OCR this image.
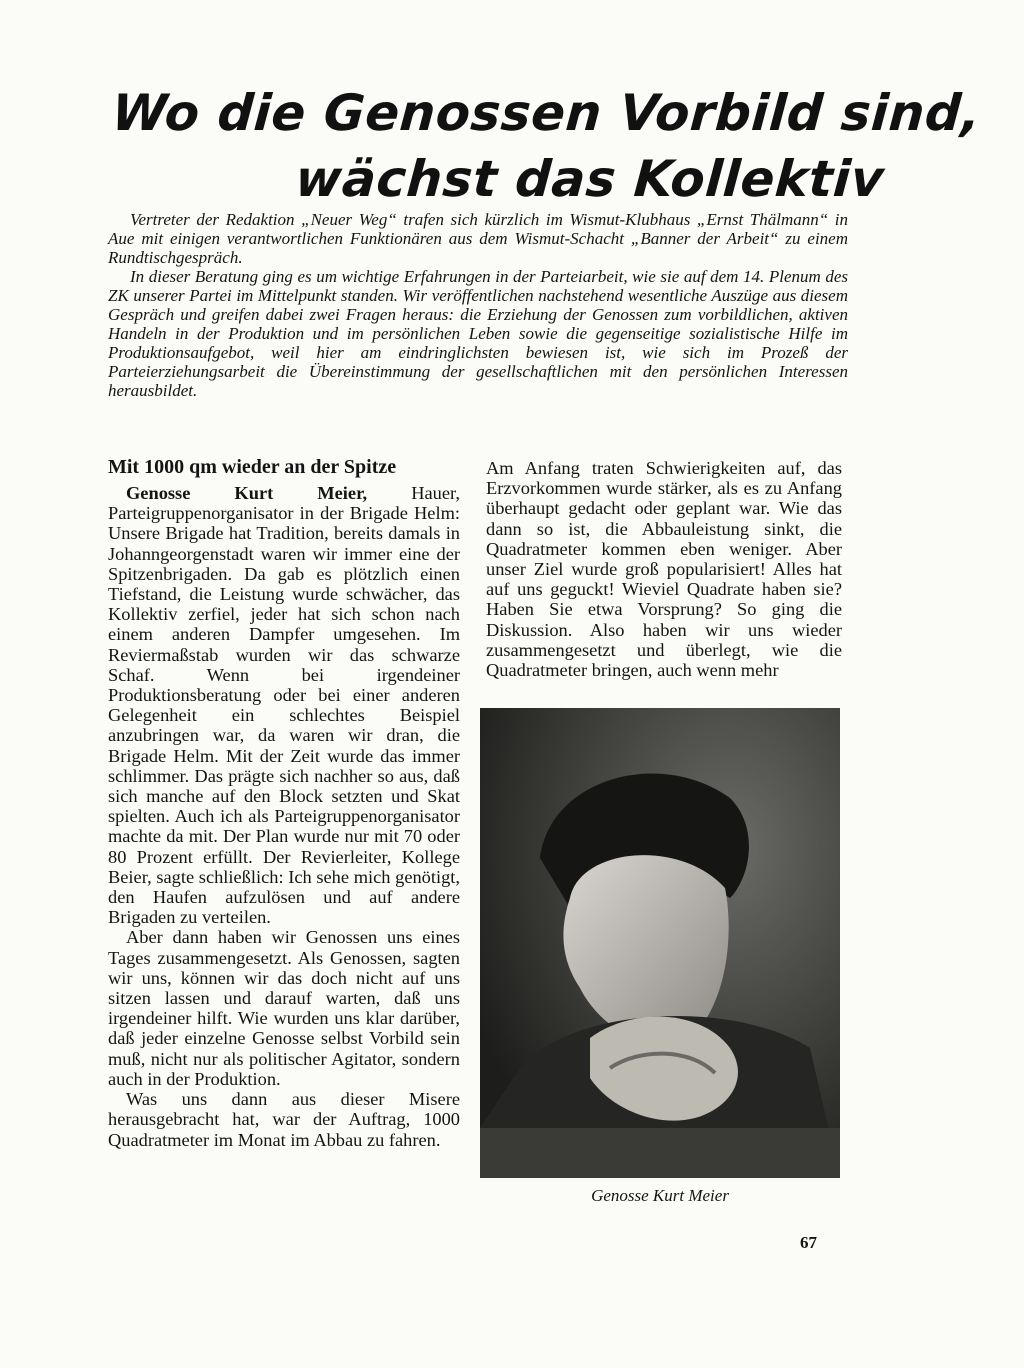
Wo die Genossen Vorbild sind,
wächst das Kollektiv

Vertreter der Redaktion „Neuer Weg“ trafen sich kürzlich im Wismut-Klubhaus „Ernst Thälmann“ in Aue mit einigen verantwortlichen Funktionären aus dem Wismut-Schacht „Banner der Arbeit“ zu einem Rundtischgespräch.

In dieser Beratung ging es um wichtige Erfahrungen in der Parteiarbeit, wie sie auf dem 14. Plenum des ZK unserer Partei im Mittelpunkt standen. Wir veröffentlichen nachstehend wesentliche Auszüge aus diesem Gespräch und greifen dabei zwei Fragen heraus: die Erziehung der Genossen zum vorbildlichen, aktiven Handeln in der Produktion und im persönlichen Leben sowie die gegenseitige sozialistische Hilfe im Produktionsaufgebot, weil hier am eindringlichsten bewiesen ist, wie sich im Prozeß der Parteierziehungsarbeit die Übereinstimmung der gesellschaftlichen mit den persönlichen Interessen herausbildet.

Mit 1000 qm wieder an der Spitze

Genosse Kurt Meier, Hauer, Parteigruppenorganisator in der Brigade Helm: Unsere Brigade hat Tradition, bereits damals in Johanngeorgenstadt waren wir immer eine der Spitzenbrigaden. Da gab es plötzlich einen Tiefstand, die Leistung wurde schwächer, das Kollektiv zerfiel, jeder hat sich schon nach einem anderen Dampfer umgesehen. Im Reviermaßstab wurden wir das schwarze Schaf. Wenn bei irgendeiner Produktionsberatung oder bei einer anderen Gelegenheit ein schlechtes Beispiel anzubringen war, da waren wir dran, die Brigade Helm. Mit der Zeit wurde das immer schlimmer. Das prägte sich nachher so aus, daß sich manche auf den Block setzten und Skat spielten. Auch ich als Parteigruppenorganisator machte da mit. Der Plan wurde nur mit 70 oder 80 Prozent erfüllt. Der Revierleiter, Kollege Beier, sagte schließlich: Ich sehe mich genötigt, den Haufen aufzulösen und auf andere Brigaden zu verteilen.

Aber dann haben wir Genossen uns eines Tages zusammengesetzt. Als Genossen, sagten wir uns, können wir das doch nicht auf uns sitzen lassen und darauf warten, daß uns irgendeiner hilft. Wie wurden uns klar darüber, daß jeder einzelne Genosse selbst Vorbild sein muß, nicht nur als politischer Agitator, sondern auch in der Produktion.

Was uns dann aus dieser Misere herausgebracht hat, war der Auftrag, 1000 Quadratmeter im Monat im Abbau zu fahren.

Am Anfang traten Schwierigkeiten auf, das Erzvorkommen wurde stärker, als es zu Anfang überhaupt gedacht oder geplant war. Wie das dann so ist, die Abbauleistung sinkt, die Quadratmeter kommen eben weniger. Aber unser Ziel wurde groß popularisiert! Alles hat auf uns geguckt! Wieviel Quadrate haben sie? Haben Sie etwa Vorsprung? So ging die Diskussion. Also haben wir uns wieder zusammengesetzt und überlegt, wie die Quadratmeter bringen, auch wenn mehr

Genosse Kurt Meier
67
